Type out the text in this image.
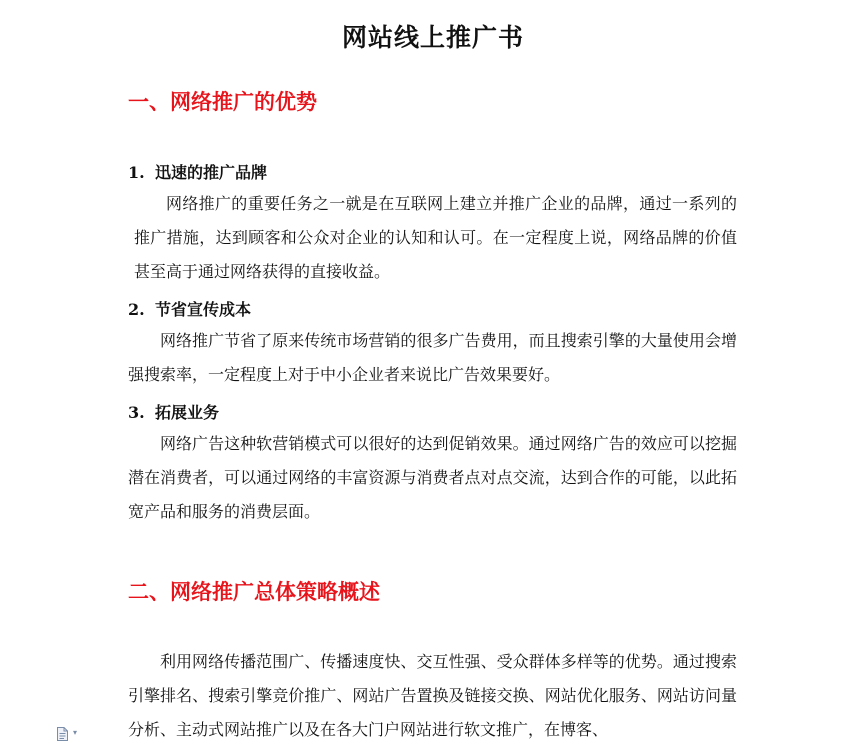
网站线上推广书
一、网络推广的优势
1. 迅速的推广品牌

网络推广的重要任务之一就是在互联网上建立并推广企业的品牌，通过一系列的推广措施，达到顾客和公众对企业的认知和认可。在一定程度上说，网络品牌的价值甚至高于通过网络获得的直接收益。

2. 节省宣传成本

网络推广节省了原来传统市场营销的很多广告费用，而且搜索引擎的大量使用会增强搜索率，一定程度上对于中小企业者来说比广告效果要好。

3. 拓展业务

网络广告这种软营销模式可以很好的达到促销效果。通过网络广告的效应可以挖掘潜在消费者，可以通过网络的丰富资源与消费者点对点交流，达到合作的可能，以此拓宽产品和服务的消费层面。

二、网络推广总体策略概述

利用网络传播范围广、传播速度快、交互性强、受众群体多样等的优势。通过搜索引擎排名、搜索引擎竞价推广、网站广告置换及链接交换、网站优化服务、网站访问量分析、主动式网站推广以及在各大门户网站进行软文推广，在博客、

▾
